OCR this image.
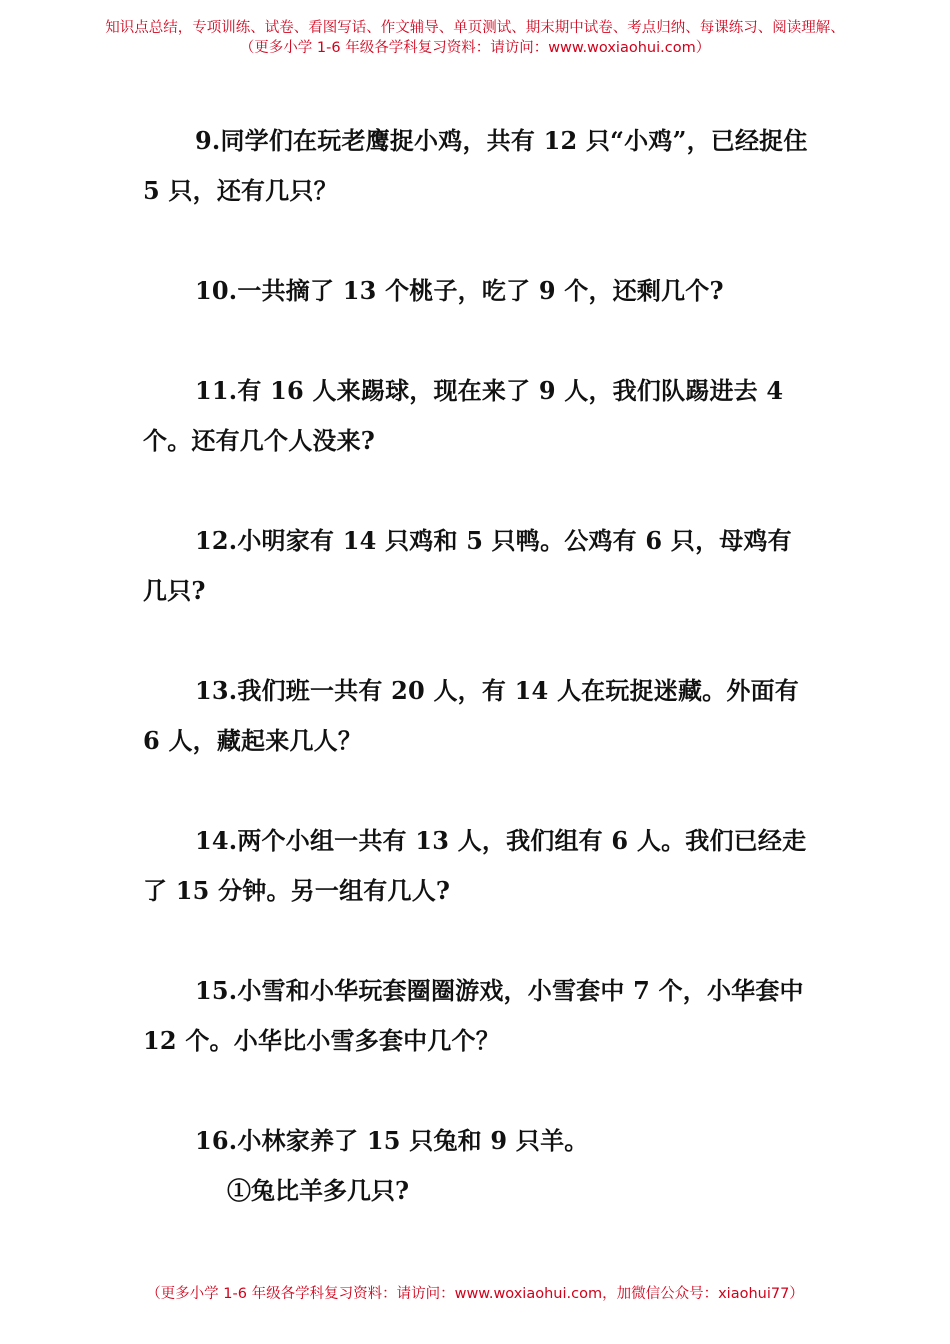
知识点总结，专项训练、试卷、看图写话、作文辅导、单页测试、期末期中试卷、考点归纳、每课练习、阅读理解、
（更多小学 1-6 年级各学科复习资料：请访问：www.woxiaohui.com）

9.同学们在玩老鹰捉小鸡，共有 12 只“小鸡”，已经捉住 5 只，还有几只？

10.一共摘了 13 个桃子，吃了 9 个，还剩几个?

11.有 16 人来踢球，现在来了 9 人，我们队踢进去 4 个。还有几个人没来?

12.小明家有 14 只鸡和 5 只鸭。公鸡有 6 只，母鸡有几只?

13.我们班一共有 20 人，有 14 人在玩捉迷藏。外面有 6 人，藏起来几人？

14.两个小组一共有 13 人，我们组有 6 人。我们已经走了 15 分钟。另一组有几人?

15.小雪和小华玩套圈圈游戏，小雪套中 7 个，小华套中 12 个。小华比小雪多套中几个？

16.小林家养了 15 只兔和 9 只羊。

①兔比羊多几只?

（更多小学 1-6 年级各学科复习资料：请访问：www.woxiaohui.com，加微信公众号：xiaohui77）
